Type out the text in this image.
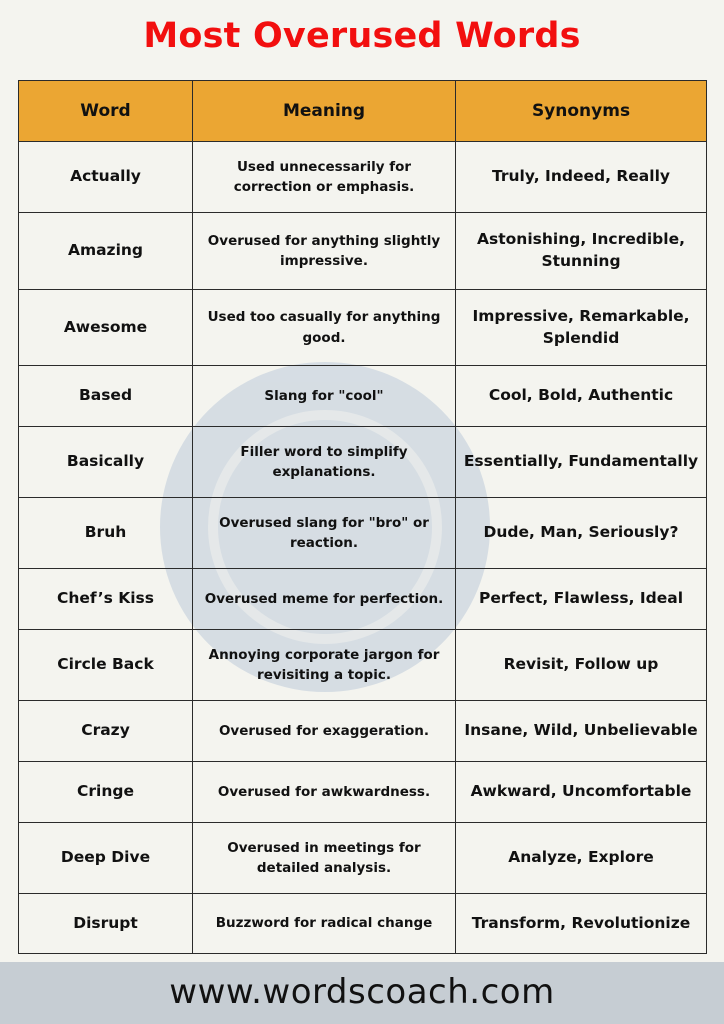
Most Overused Words
Word	Meaning	Synonyms
Actually	Used unnecessarily for correction or emphasis.	Truly, Indeed, Really
Amazing	Overused for anything slightly impressive.	Astonishing, Incredible, Stunning
Awesome	Used too casually for anything good.	Impressive, Remarkable, Splendid
Based	Slang for "cool"	Cool, Bold, Authentic
Basically	Filler word to simplify explanations.	Essentially, Fundamentally
Bruh	Overused slang for "bro" or reaction.	Dude, Man, Seriously?
Chef’s Kiss	Overused meme for perfection.	Perfect, Flawless, Ideal
Circle Back	Annoying corporate jargon for revisiting a topic.	Revisit, Follow up
Crazy	Overused for exaggeration.	Insane, Wild, Unbelievable
Cringe	Overused for awkwardness.	Awkward, Uncomfortable
Deep Dive	Overused in meetings for detailed analysis.	Analyze, Explore
Disrupt	Buzzword for radical change	Transform, Revolutionize
www.wordscoach.com
